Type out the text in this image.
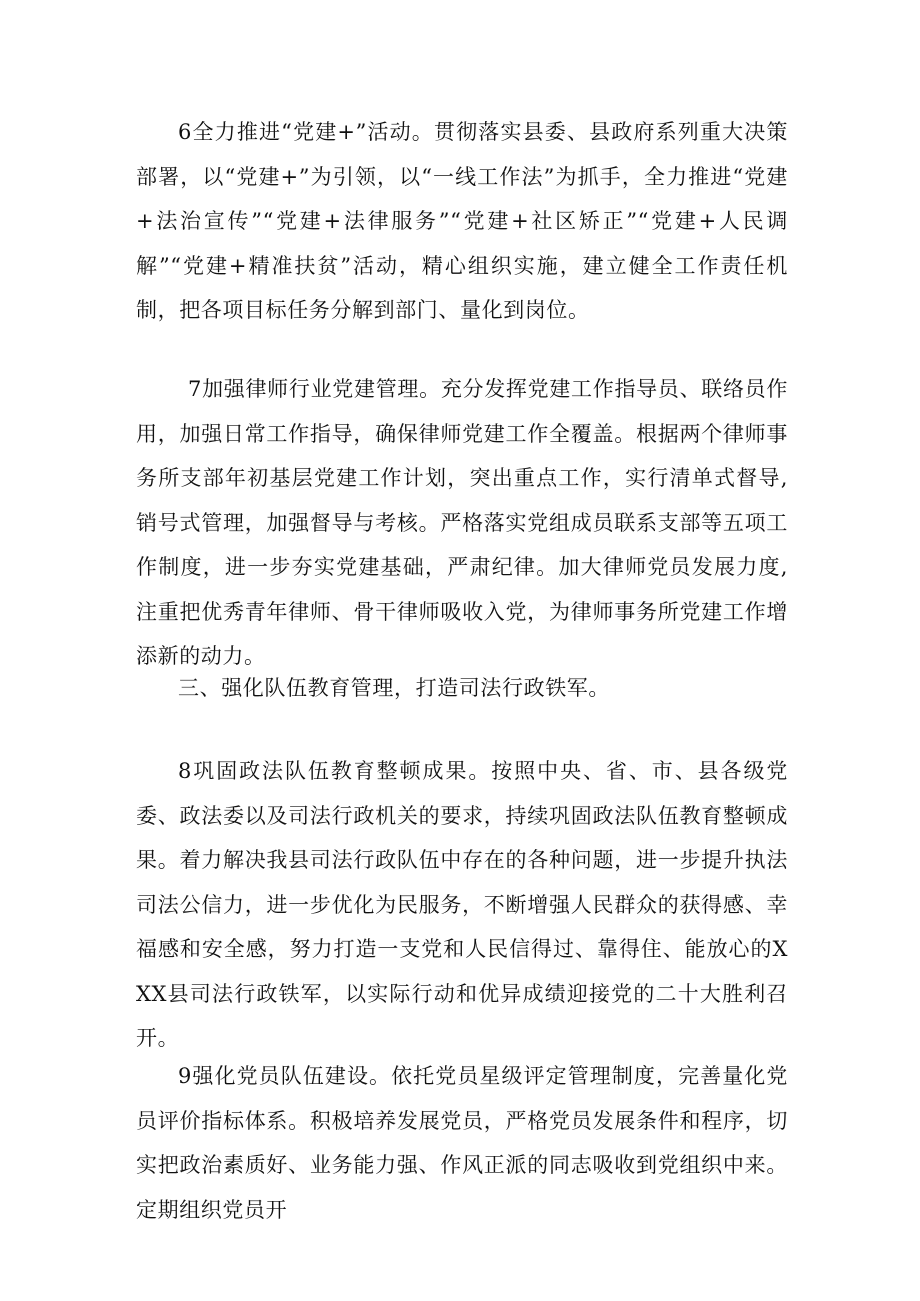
6全力推进“党建+”活动。贯彻落实县委、县政府系列重大决策部署，以“党建+”为引领，以“一线工作法”为抓手，全力推进“党建+法治宣传”“党建+法律服务”“党建+社区矫正”“党建+人民调解”“党建+精准扶贫”活动，精心组织实施，建立健全工作责任机制，把各项目标任务分解到部门、量化到岗位。

7加强律师行业党建管理。充分发挥党建工作指导员、联络员作用，加强日常工作指导，确保律师党建工作全覆盖。根据两个律师事务所支部年初基层党建工作计划，突出重点工作，实行清单式督导,销号式管理，加强督导与考核。严格落实党组成员联系支部等五项工作制度，进一步夯实党建基础，严肃纪律。加大律师党员发展力度,注重把优秀青年律师、骨干律师吸收入党，为律师事务所党建工作增添新的动力。

三、强化队伍教育管理，打造司法行政铁军。

8巩固政法队伍教育整顿成果。按照中央、省、市、县各级党委、政法委以及司法行政机关的要求，持续巩固政法队伍教育整顿成果。着力解决我县司法行政队伍中存在的各种问题，进一步提升执法司法公信力，进一步优化为民服务，不断增强人民群众的获得感、幸福感和安全感，努力打造一支党和人民信得过、靠得住、能放心的XXX县司法行政铁军，以实际行动和优异成绩迎接党的二十大胜利召开。

9强化党员队伍建设。依托党员星级评定管理制度，完善量化党员评价指标体系。积极培养发展党员，严格党员发展条件和程序，切实把政治素质好、业务能力强、作风正派的同志吸收到党组织中来。定期组织党员开
